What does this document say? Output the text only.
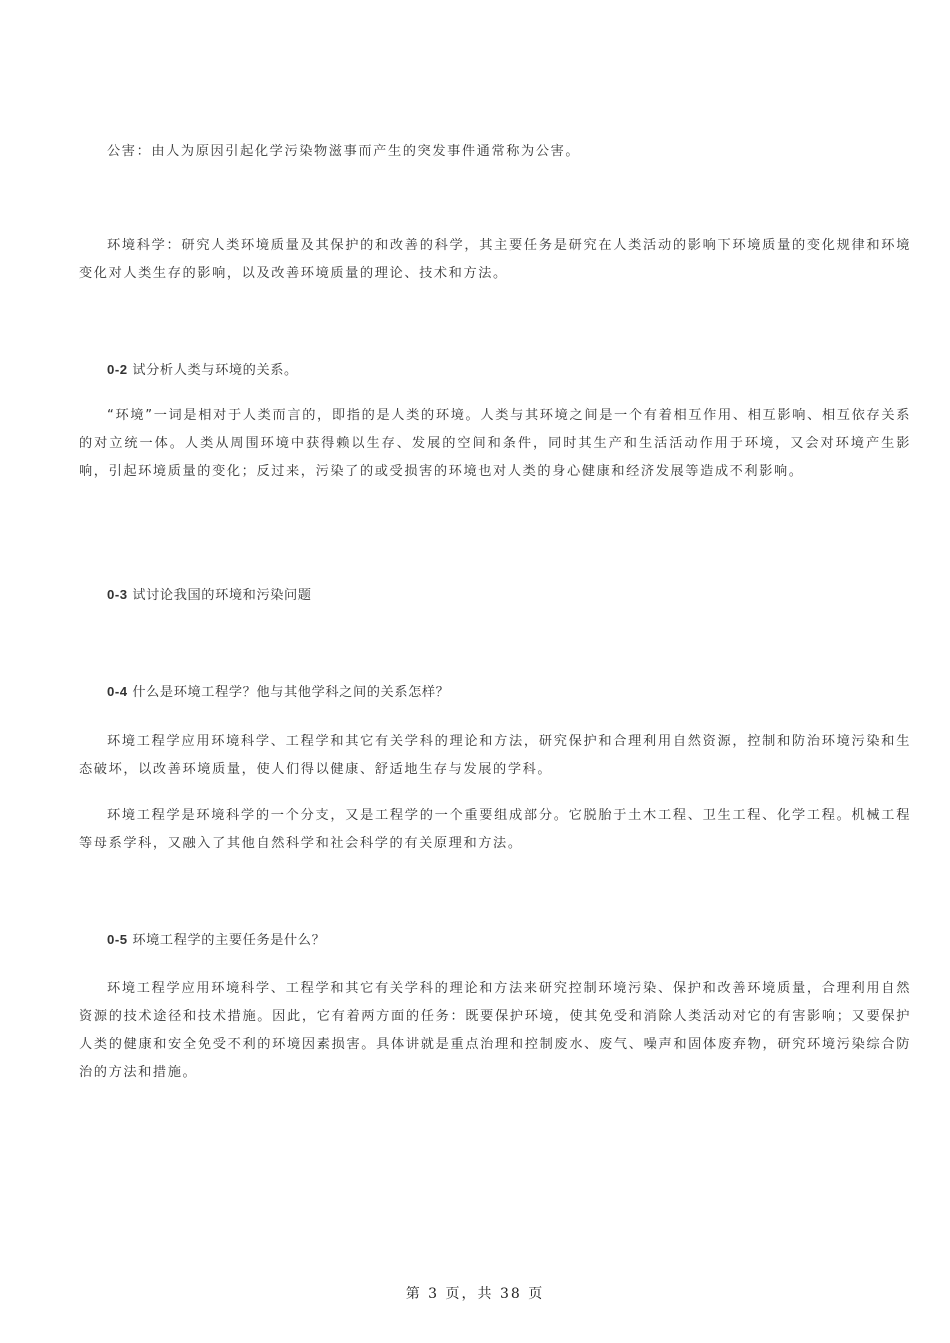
公害：由人为原因引起化学污染物滋事而产生的突发事件通常称为公害。

环境科学：研究人类环境质量及其保护的和改善的科学，其主要任务是研究在人类活动的影响下环境质量的变化规律和环境变化对人类生存的影响，以及改善环境质量的理论、技术和方法。

0-2 试分析人类与环境的关系。

“环境”一词是相对于人类而言的，即指的是人类的环境。人类与其环境之间是一个有着相互作用、相互影响、相互依存关系的对立统一体。人类从周围环境中获得赖以生存、发展的空间和条件，同时其生产和生活活动作用于环境，又会对环境产生影响，引起环境质量的变化；反过来，污染了的或受损害的环境也对人类的身心健康和经济发展等造成不利影响。

0-3 试讨论我国的环境和污染问题

0-4 什么是环境工程学？他与其他学科之间的关系怎样？

环境工程学应用环境科学、工程学和其它有关学科的理论和方法，研究保护和合理利用自然资源，控制和防治环境污染和生态破坏，以改善环境质量，使人们得以健康、舒适地生存与发展的学科。

环境工程学是环境科学的一个分支，又是工程学的一个重要组成部分。它脱胎于土木工程、卫生工程、化学工程。机械工程等母系学科，又融入了其他自然科学和社会科学的有关原理和方法。

0-5 环境工程学的主要任务是什么？

环境工程学应用环境科学、工程学和其它有关学科的理论和方法来研究控制环境污染、保护和改善环境质量，合理利用自然资源的技术途径和技术措施。因此，它有着两方面的任务：既要保护环境，使其免受和消除人类活动对它的有害影响；又要保护人类的健康和安全免受不利的环境因素损害。具体讲就是重点治理和控制废水、废气、噪声和固体废弃物，研究环境污染综合防治的方法和措施。

第 3 页，共 38 页
